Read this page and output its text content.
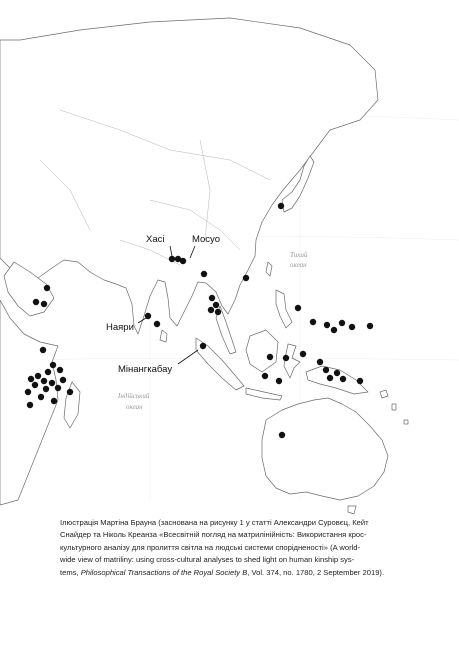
Тихий
океан
Індійський
океан
Хасі	Мосуо
Наяри
Мінангкабау
Ілюстрація Мартіна Брауна (заснована на рисунку 1 у статті Александри Суровєц, Кейт
Снайдер та Ніколь Креанза «Всесвітній погляд на матрилінійність: Використання крос-
культурного аналізу для пролиття світла на людські системи спорідненості» (A world-
wide view of matriliny: using cross-cultural analyses to shed light on human kinship sys-
tems, Philosophical Transactions of the Royal Society B, Vol. 374, no. 1780, 2 September 2019).
